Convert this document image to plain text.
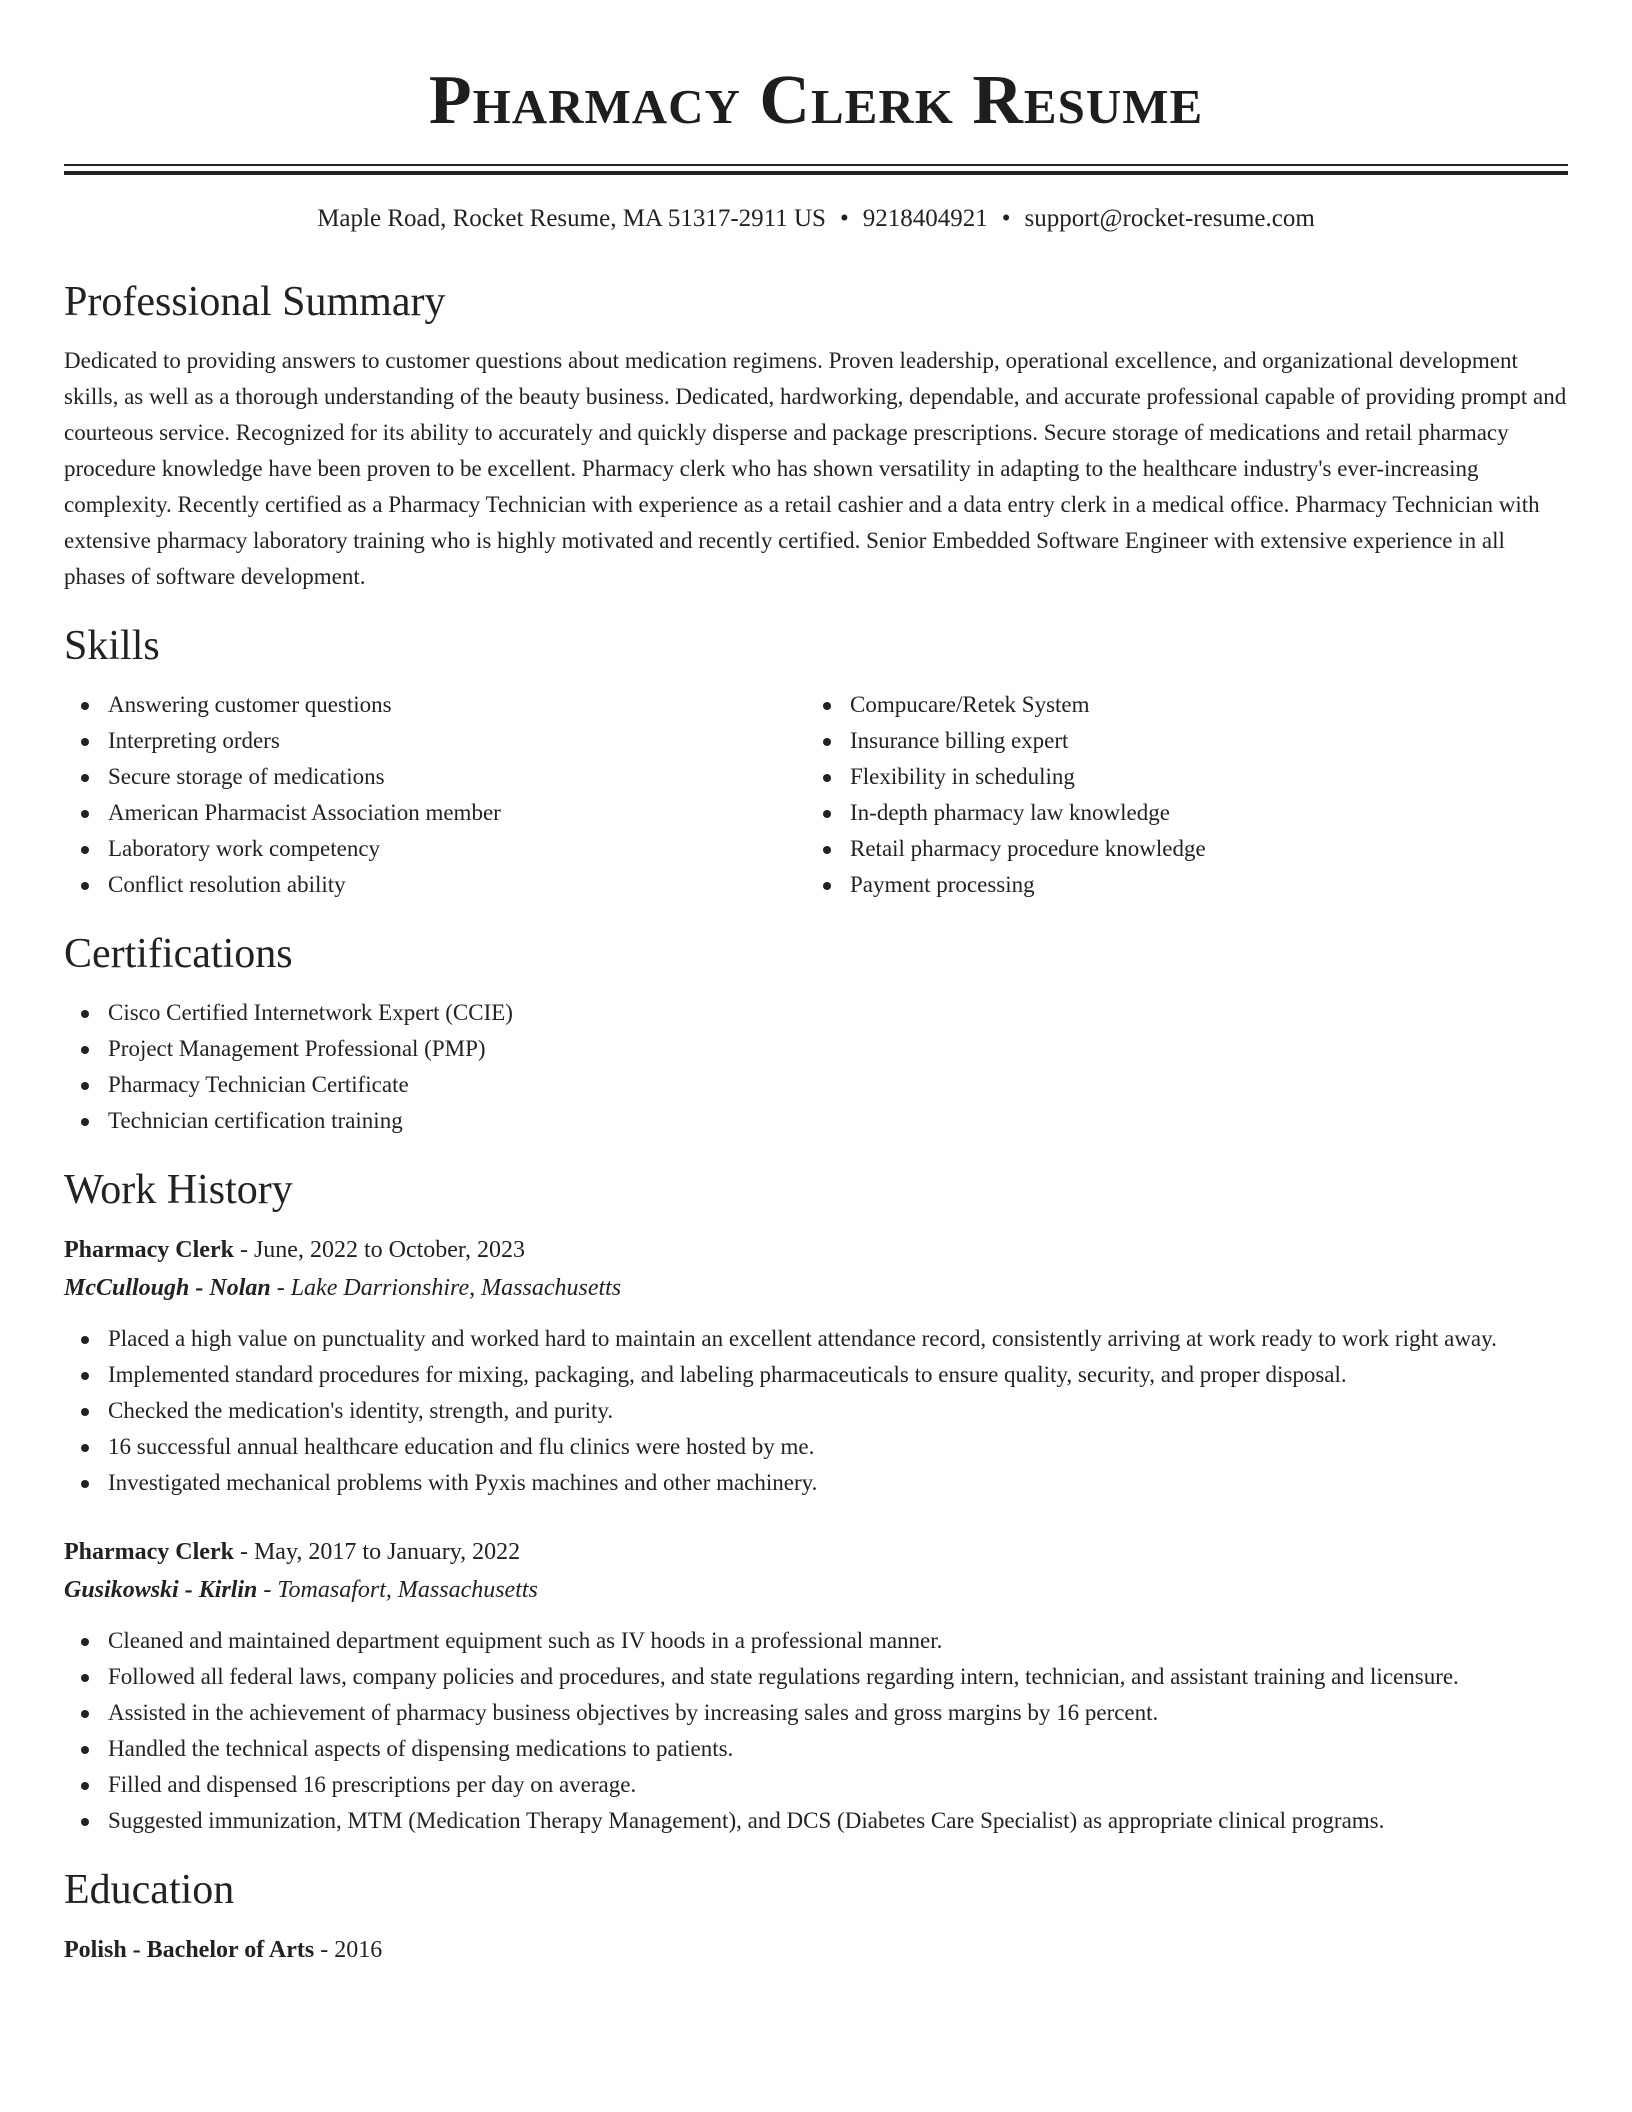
Pharmacy Clerk Resume
Maple Road, Rocket Resume, MA 51317-2911 US • 9218404921 • support@rocket-resume.com
Professional Summary

Dedicated to providing answers to customer questions about medication regimens. Proven leadership, operational excellence, and organizational development skills, as well as a thorough understanding of the beauty business. Dedicated, hardworking, dependable, and accurate professional capable of providing prompt and courteous service. Recognized for its ability to accurately and quickly disperse and package prescriptions. Secure storage of medications and retail pharmacy procedure knowledge have been proven to be excellent. Pharmacy clerk who has shown versatility in adapting to the healthcare industry's ever-increasing complexity. Recently certified as a Pharmacy Technician with experience as a retail cashier and a data entry clerk in a medical office. Pharmacy Technician with extensive pharmacy laboratory training who is highly motivated and recently certified. Senior Embedded Software Engineer with extensive experience in all phases of software development.

Skills
Answering customer questions
Interpreting orders
Secure storage of medications
American Pharmacist Association member
Laboratory work competency
Conflict resolution ability
Compucare/Retek System
Insurance billing expert
Flexibility in scheduling
In-depth pharmacy law knowledge
Retail pharmacy procedure knowledge
Payment processing
Certifications
Cisco Certified Internetwork Expert (CCIE)
Project Management Professional (PMP)
Pharmacy Technician Certificate
Technician certification training
Work History
Pharmacy Clerk - June, 2022 to October, 2023
McCullough - Nolan - Lake Darrionshire, Massachusetts
Placed a high value on punctuality and worked hard to maintain an excellent attendance record, consistently arriving at work ready to work right away.
Implemented standard procedures for mixing, packaging, and labeling pharmaceuticals to ensure quality, security, and proper disposal.
Checked the medication's identity, strength, and purity.
16 successful annual healthcare education and flu clinics were hosted by me.
Investigated mechanical problems with Pyxis machines and other machinery.
Pharmacy Clerk - May, 2017 to January, 2022
Gusikowski - Kirlin - Tomasafort, Massachusetts
Cleaned and maintained department equipment such as IV hoods in a professional manner.
Followed all federal laws, company policies and procedures, and state regulations regarding intern, technician, and assistant training and licensure.
Assisted in the achievement of pharmacy business objectives by increasing sales and gross margins by 16 percent.
Handled the technical aspects of dispensing medications to patients.
Filled and dispensed 16 prescriptions per day on average.
Suggested immunization, MTM (Medication Therapy Management), and DCS (Diabetes Care Specialist) as appropriate clinical programs.
Education
Polish - Bachelor of Arts - 2016
